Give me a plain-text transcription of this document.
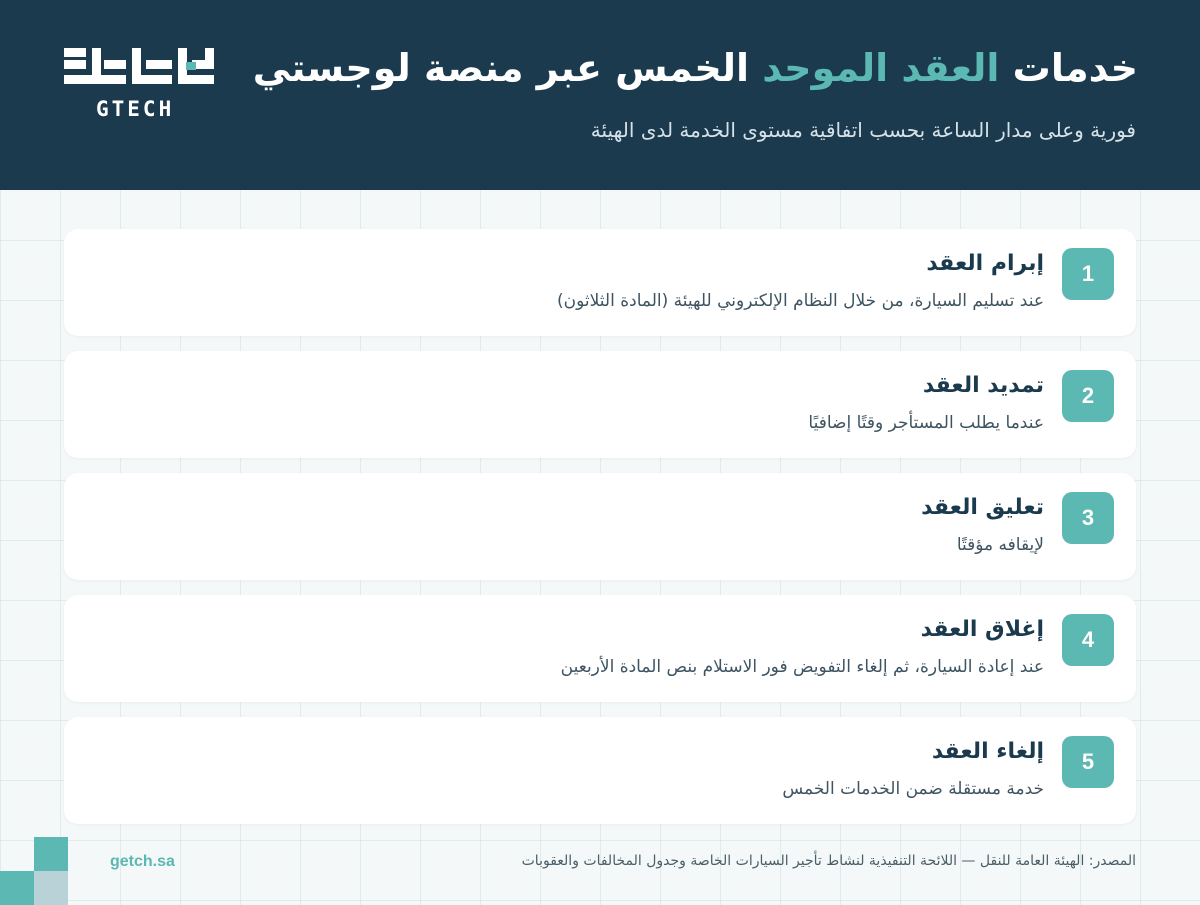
GTECH
خدمات العقد الموحد الخمس عبر منصة لوجستي
فورية وعلى مدار الساعة بحسب اتفاقية مستوى الخدمة لدى الهيئة
1
إبرام العقد
عند تسليم السيارة، من خلال النظام الإلكتروني للهيئة (المادة الثلاثون)
2
تمديد العقد
عندما يطلب المستأجر وقتًا إضافيًا
3
تعليق العقد
لإيقافه مؤقتًا
4
إغلاق العقد
عند إعادة السيارة، ثم إلغاء التفويض فور الاستلام بنص المادة الأربعين
5
إلغاء العقد
خدمة مستقلة ضمن الخدمات الخمس
المصدر: الهيئة العامة للنقل — اللائحة التنفيذية لنشاط تأجير السيارات الخاصة وجدول المخالفات والعقوبات
getch.sa
